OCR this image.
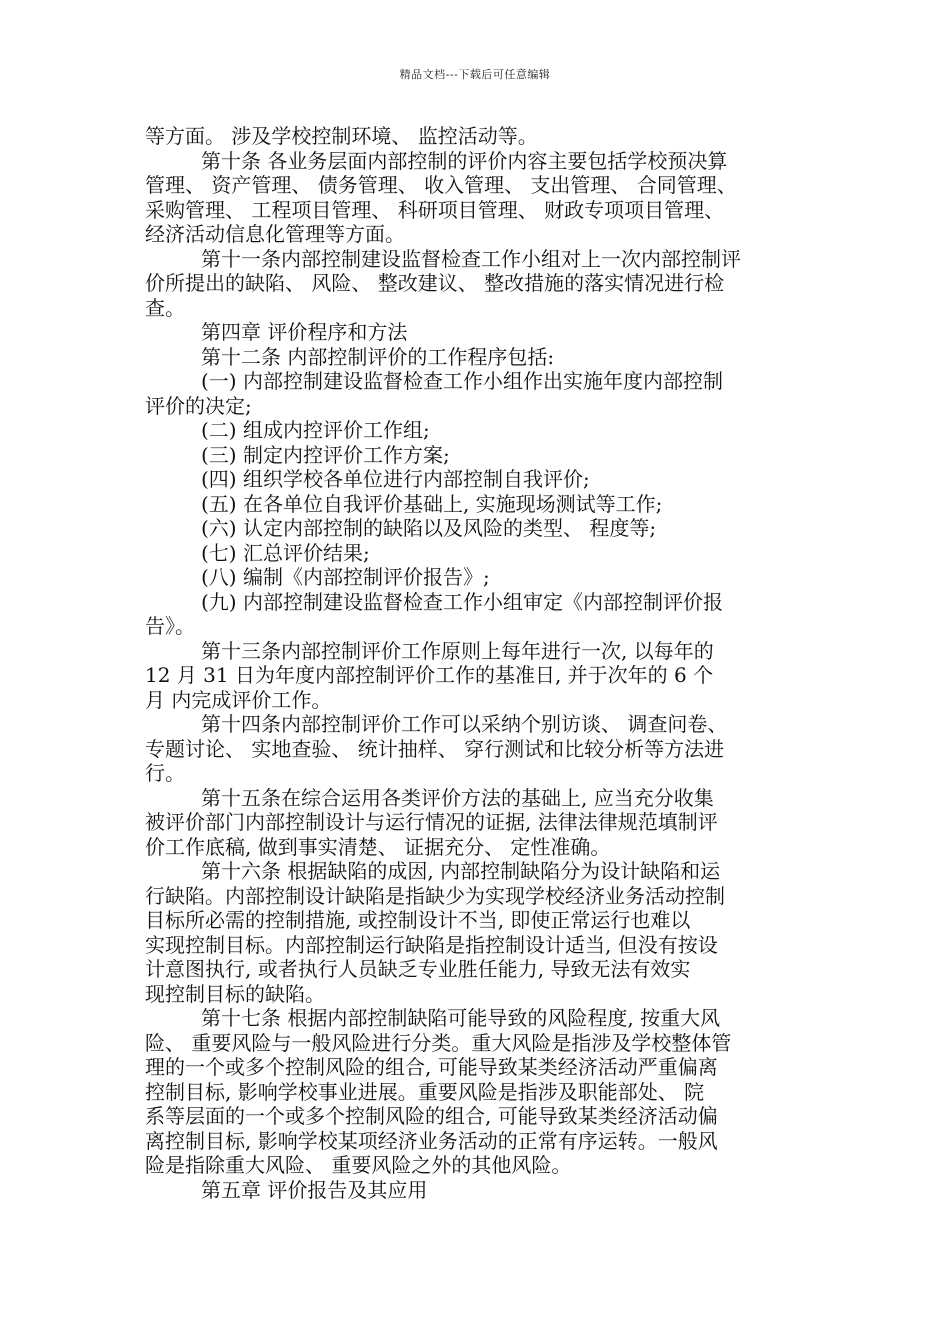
精品文档---下载后可任意编辑
等方面。 涉及学校控制环境、 监控活动等。
第十条 各业务层面内部控制的评价内容主要包括学校预决算
管理、 资产管理、 债务管理、 收入管理、 支出管理、 合同管理、
采购管理、 工程项目管理、 科研项目管理、 财政专项项目管理、
经济活动信息化管理等方面。
第十一条内部控制建设监督检查工作小组对上一次内部控制评
价所提出的缺陷、 风险、 整改建议、 整改措施的落实情况进行检
查。
第四章 评价程序和方法
第十二条 内部控制评价的工作程序包括:
(一) 内部控制建设监督检查工作小组作出实施年度内部控制
评价的决定;
(二) 组成内控评价工作组;
(三) 制定内控评价工作方案;
(四) 组织学校各单位进行内部控制自我评价;
(五) 在各单位自我评价基础上, 实施现场测试等工作;
(六) 认定内部控制的缺陷以及风险的类型、 程度等;
(七) 汇总评价结果;
(八) 编制《内部控制评价报告》;
(九) 内部控制建设监督检查工作小组审定《内部控制评价报
告》。
第十三条内部控制评价工作原则上每年进行一次, 以每年的
12 月 31 日为年度内部控制评价工作的基准日, 并于次年的 6 个
月 内完成评价工作。
第十四条内部控制评价工作可以采纳个别访谈、 调查问卷、
专题讨论、 实地查验、 统计抽样、 穿行测试和比较分析等方法进
行。
第十五条在综合运用各类评价方法的基础上, 应当充分收集
被评价部门内部控制设计与运行情况的证据, 法律法律规范填制评
价工作底稿, 做到事实清楚、 证据充分、 定性准确。
第十六条 根据缺陷的成因, 内部控制缺陷分为设计缺陷和运
行缺陷。内部控制设计缺陷是指缺少为实现学校经济业务活动控制
目标所必需的控制措施, 或控制设计不当, 即使正常运行也难以
实现控制目标。内部控制运行缺陷是指控制设计适当, 但没有按设
计意图执行, 或者执行人员缺乏专业胜任能力, 导致无法有效实
现控制目标的缺陷。
第十七条 根据内部控制缺陷可能导致的风险程度, 按重大风
险、 重要风险与一般风险进行分类。重大风险是指涉及学校整体管
理的一个或多个控制风险的组合, 可能导致某类经济活动严重偏离
控制目标, 影响学校事业进展。重要风险是指涉及职能部处、 院
系等层面的一个或多个控制风险的组合, 可能导致某类经济活动偏
离控制目标, 影响学校某项经济业务活动的正常有序运转。一般风
险是指除重大风险、 重要风险之外的其他风险。
第五章 评价报告及其应用
